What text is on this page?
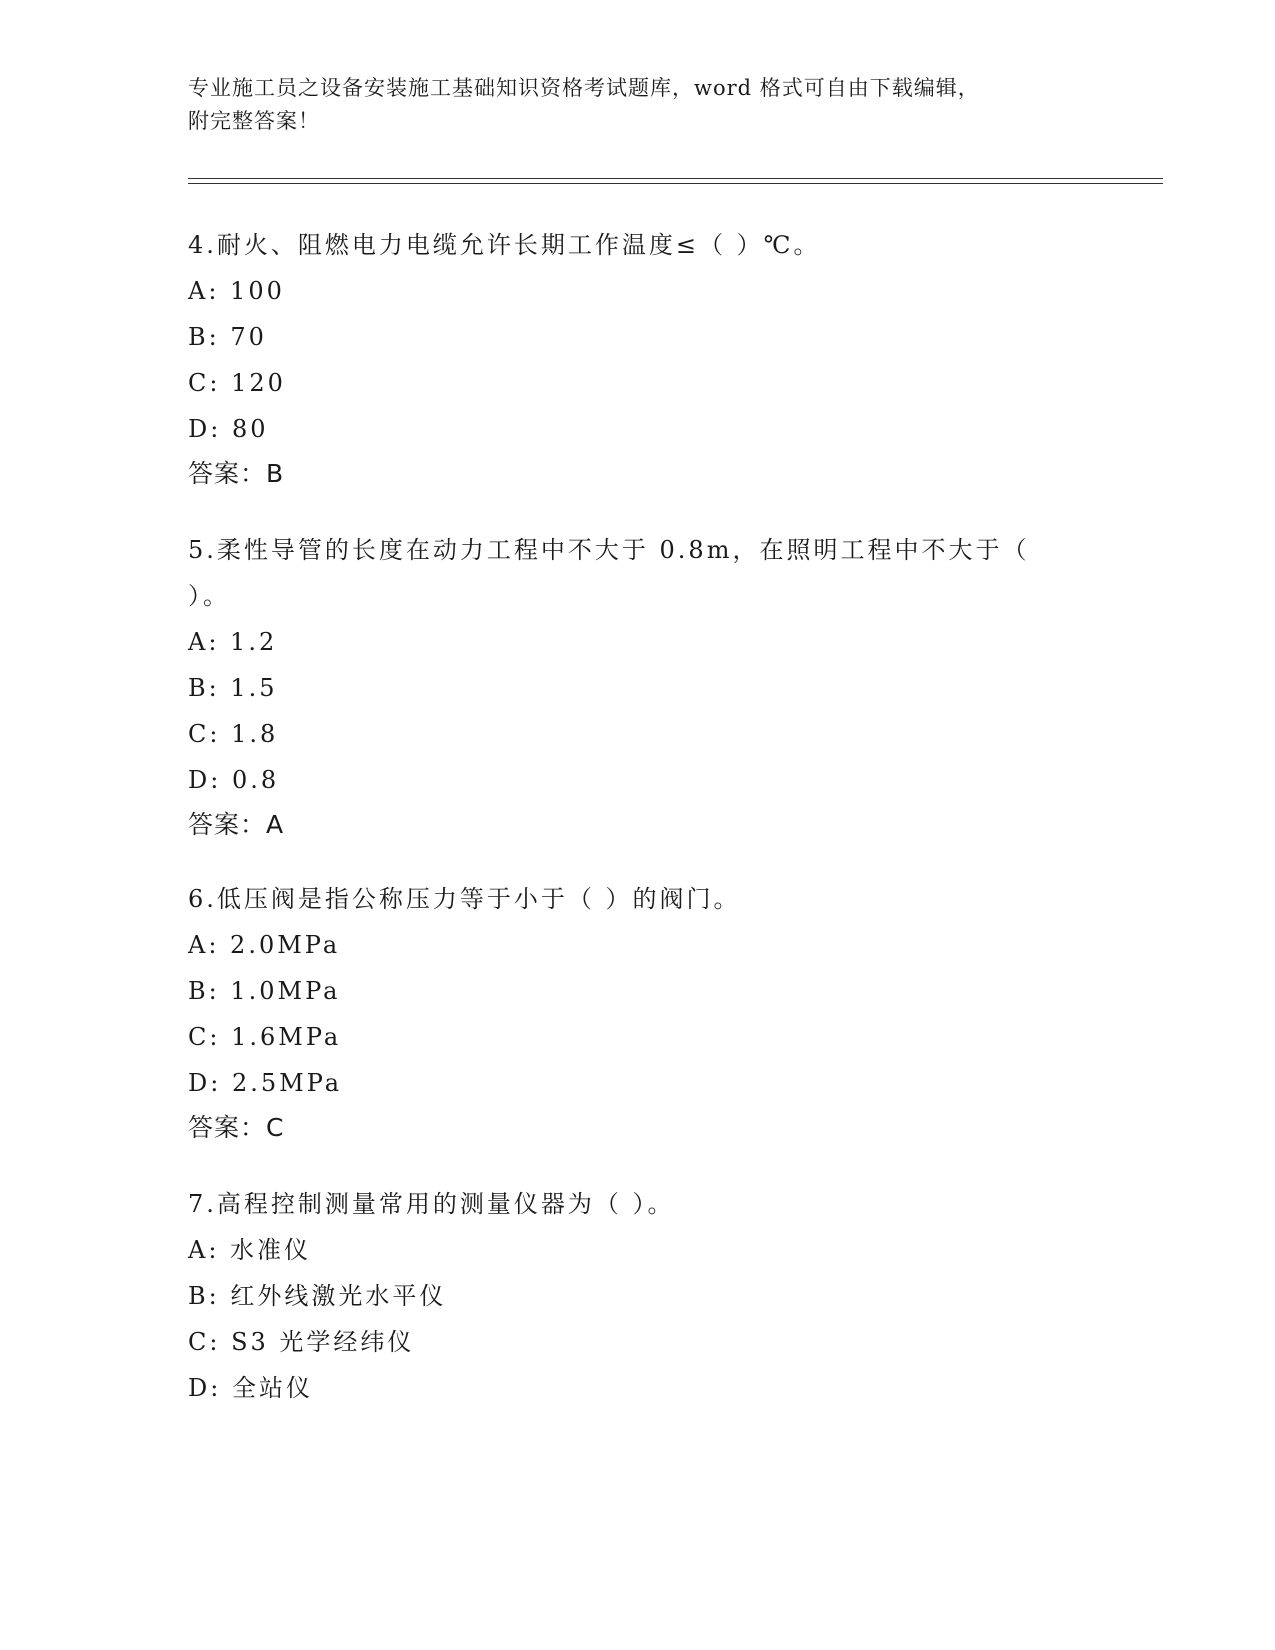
专业施工员之设备安装施工基础知识资格考试题库，word 格式可自由下载编辑，
附完整答案！
4.耐火、阻燃电力电缆允许长期工作温度≤（ ）℃。
A: 100
B: 70
C: 120
D: 80
答案：B
5.柔性导管的长度在动力工程中不大于 0.8m，在照明工程中不大于（ ）。
A: 1.2
B: 1.5
C: 1.8
D: 0.8
答案：A
6.低压阀是指公称压力等于小于（ ）的阀门。
A: 2.0MPa
B: 1.0MPa
C: 1.6MPa
D: 2.5MPa
答案：C
7.高程控制测量常用的测量仪器为（ ）。
A: 水准仪
B: 红外线激光水平仪
C: S3 光学经纬仪
D: 全站仪
